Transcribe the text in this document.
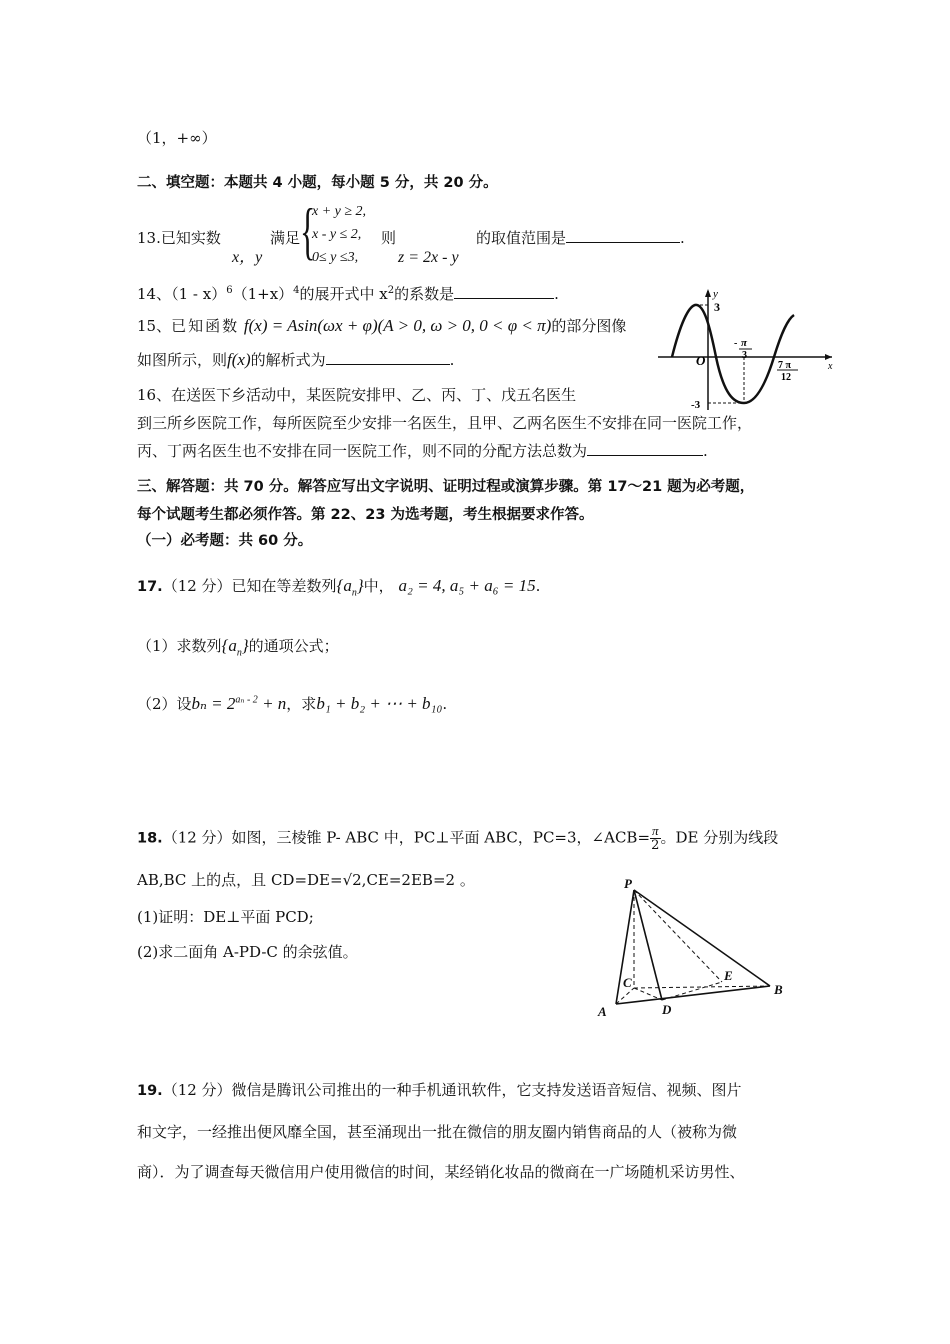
（1，+∞）
二、填空题：本题共 4 小题，每小题 5 分，共 20 分。
13.已知实数
x，y
满足 {
x + y ≥ 2,
x - y ≤ 2,
0≤ y ≤3,
则
z = 2x - y
的取值范围是	.
14、$(1 - x)^6(1+x)^4$的展开式中 $x^2$的系数是	.
15、已知函数 f(x) = Asin(ωx + φ)(A > 0, ω > 0, 0 < φ < π)的部分图像
如图所示，则f(x)的解析式为	.
y
x
O
3
-3
- π
3
7 π
12
16、在送医下乡活动中，某医院安排甲、乙、丙、丁、戊五名医生
到三所乡医院工作，每所医院至少安排一名医生，且甲、乙两名医生不安排在同一医院工作，
丙、丁两名医生也不安排在同一医院工作，则不同的分配方法总数为	.
三、解答题：共 70 分。解答应写出文字说明、证明过程或演算步骤。第 17～21 题为必考题，
每个试题考生都必须作答。第 22、23 为选考题，考生根据要求作答。
（一）必考题：共 60 分。
17.（12 分）已知在等差数列$\{a_n\}$中， a₂ = 4, a₅ + a₆ = 15.
（1）求数列$\{a_n\}$的通项公式；
（2）设$b_n = 2^{a_n - 2} + n$，求b₁ + b₂ + ⋯ + b₁₀.
18.（12 分）如图，三棱锥 P- ABC 中，PC⊥平面 ABC，PC=3，∠ACB= $\frac{\pi}{2}$ 。DE 分别为线段
AB,BC 上的点，且 CD=DE=√2,CE=2EB=2 。
(1)证明：DE⊥平面 PCD;
(2)求二面角 A-PD-C 的余弦值。
P
C	E
B
A	D
19.（12 分）微信是腾讯公司推出的一种手机通讯软件，它支持发送语音短信、视频、图片
和文字，一经推出便风靡全国，甚至涌现出一批在微信的朋友圈内销售商品的人（被称为微
商）．为了调查每天微信用户使用微信的时间，某经销化妆品的微商在一广场随机采访男性、
